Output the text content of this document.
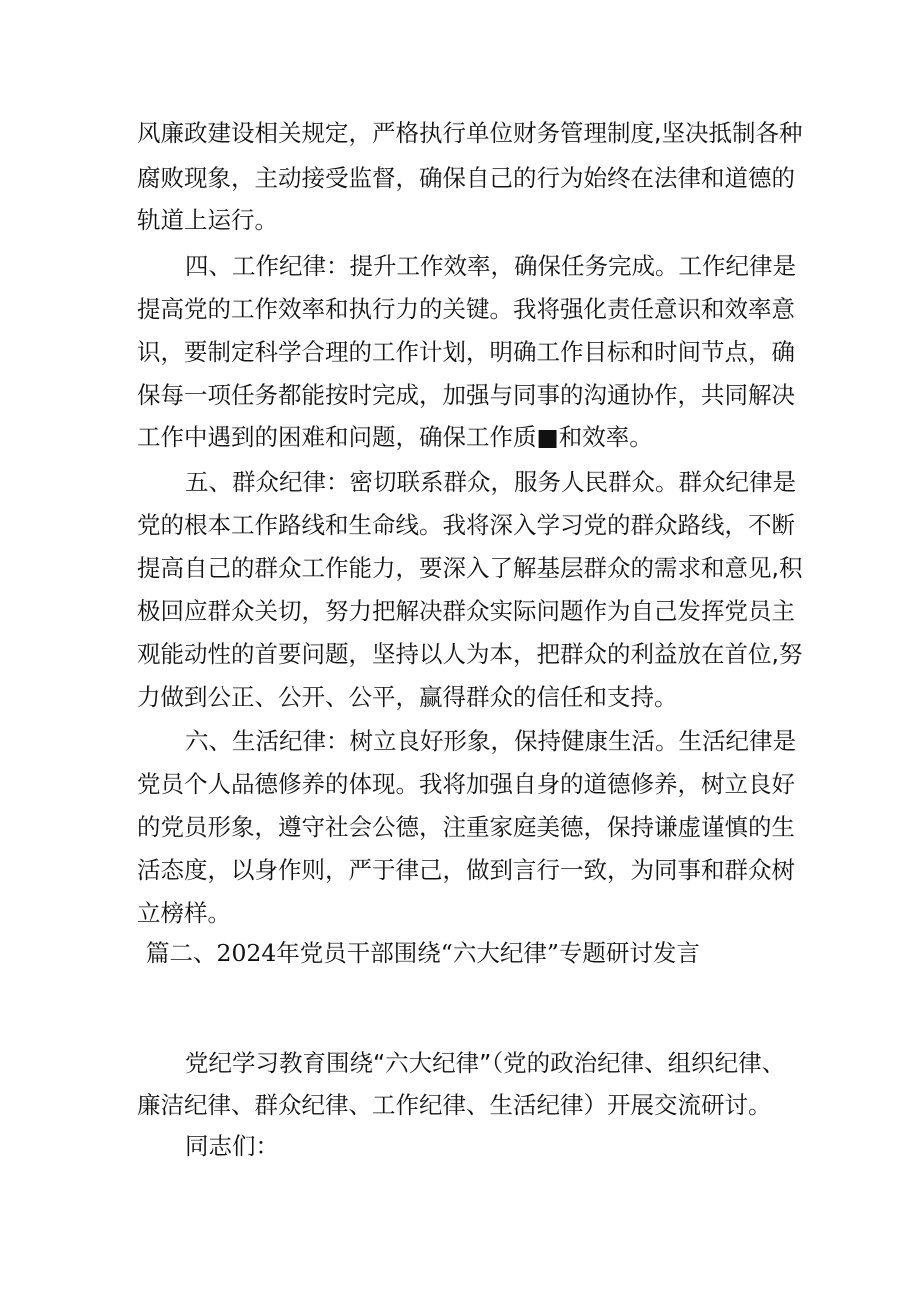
风廉政建设相关规定，严格执行单位财务管理制度,坚决抵制各种

腐败现象，主动接受监督，确保自己的行为始终在法律和道德的

轨道上运行。

四、工作纪律：提升工作效率，确保任务完成。工作纪律是

提高党的工作效率和执行力的关键。我将强化责任意识和效率意

识，要制定科学合理的工作计划，明确工作目标和时间节点，确

保每一项任务都能按时完成，加强与同事的沟通协作，共同解决

工作中遇到的困难和问题，确保工作质■和效率。

五、群众纪律：密切联系群众，服务人民群众。群众纪律是

党的根本工作路线和生命线。我将深入学习党的群众路线，不断

提高自己的群众工作能力，要深入了解基层群众的需求和意见,积

极回应群众关切，努力把解决群众实际问题作为自己发挥党员主

观能动性的首要问题，坚持以人为本，把群众的利益放在首位,努

力做到公正、公开、公平，赢得群众的信任和支持。

六、生活纪律：树立良好形象，保持健康生活。生活纪律是

党员个人品德修养的体现。我将加强自身的道德修养，树立良好

的党员形象，遵守社会公德，注重家庭美德，保持谦虚谨慎的生

活态度，以身作则，严于律己，做到言行一致，为同事和群众树

立榜样。

篇二、2024年党员干部围绕“六大纪律”专题研讨发言

党纪学习教育围绕“六大纪律”（党的政治纪律、组织纪律、

廉洁纪律、群众纪律、工作纪律、生活纪律）开展交流研讨。

同志们：
